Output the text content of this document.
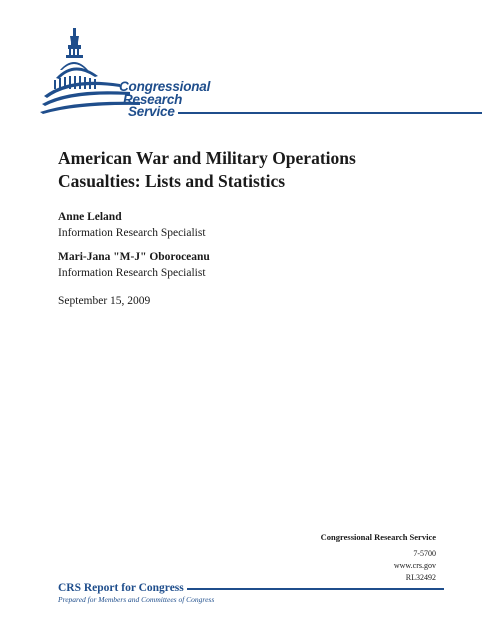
Congressional
Research
Service
American War and Military Operations Casualties: Lists and Statistics
Anne Leland
Information Research Specialist
Mari-Jana "M-J" Oboroceanu
Information Research Specialist
September 15, 2009
Congressional Research Service
7-5700
www.crs.gov
RL32492
CRS Report for Congress
Prepared for Members and Committees of Congress
